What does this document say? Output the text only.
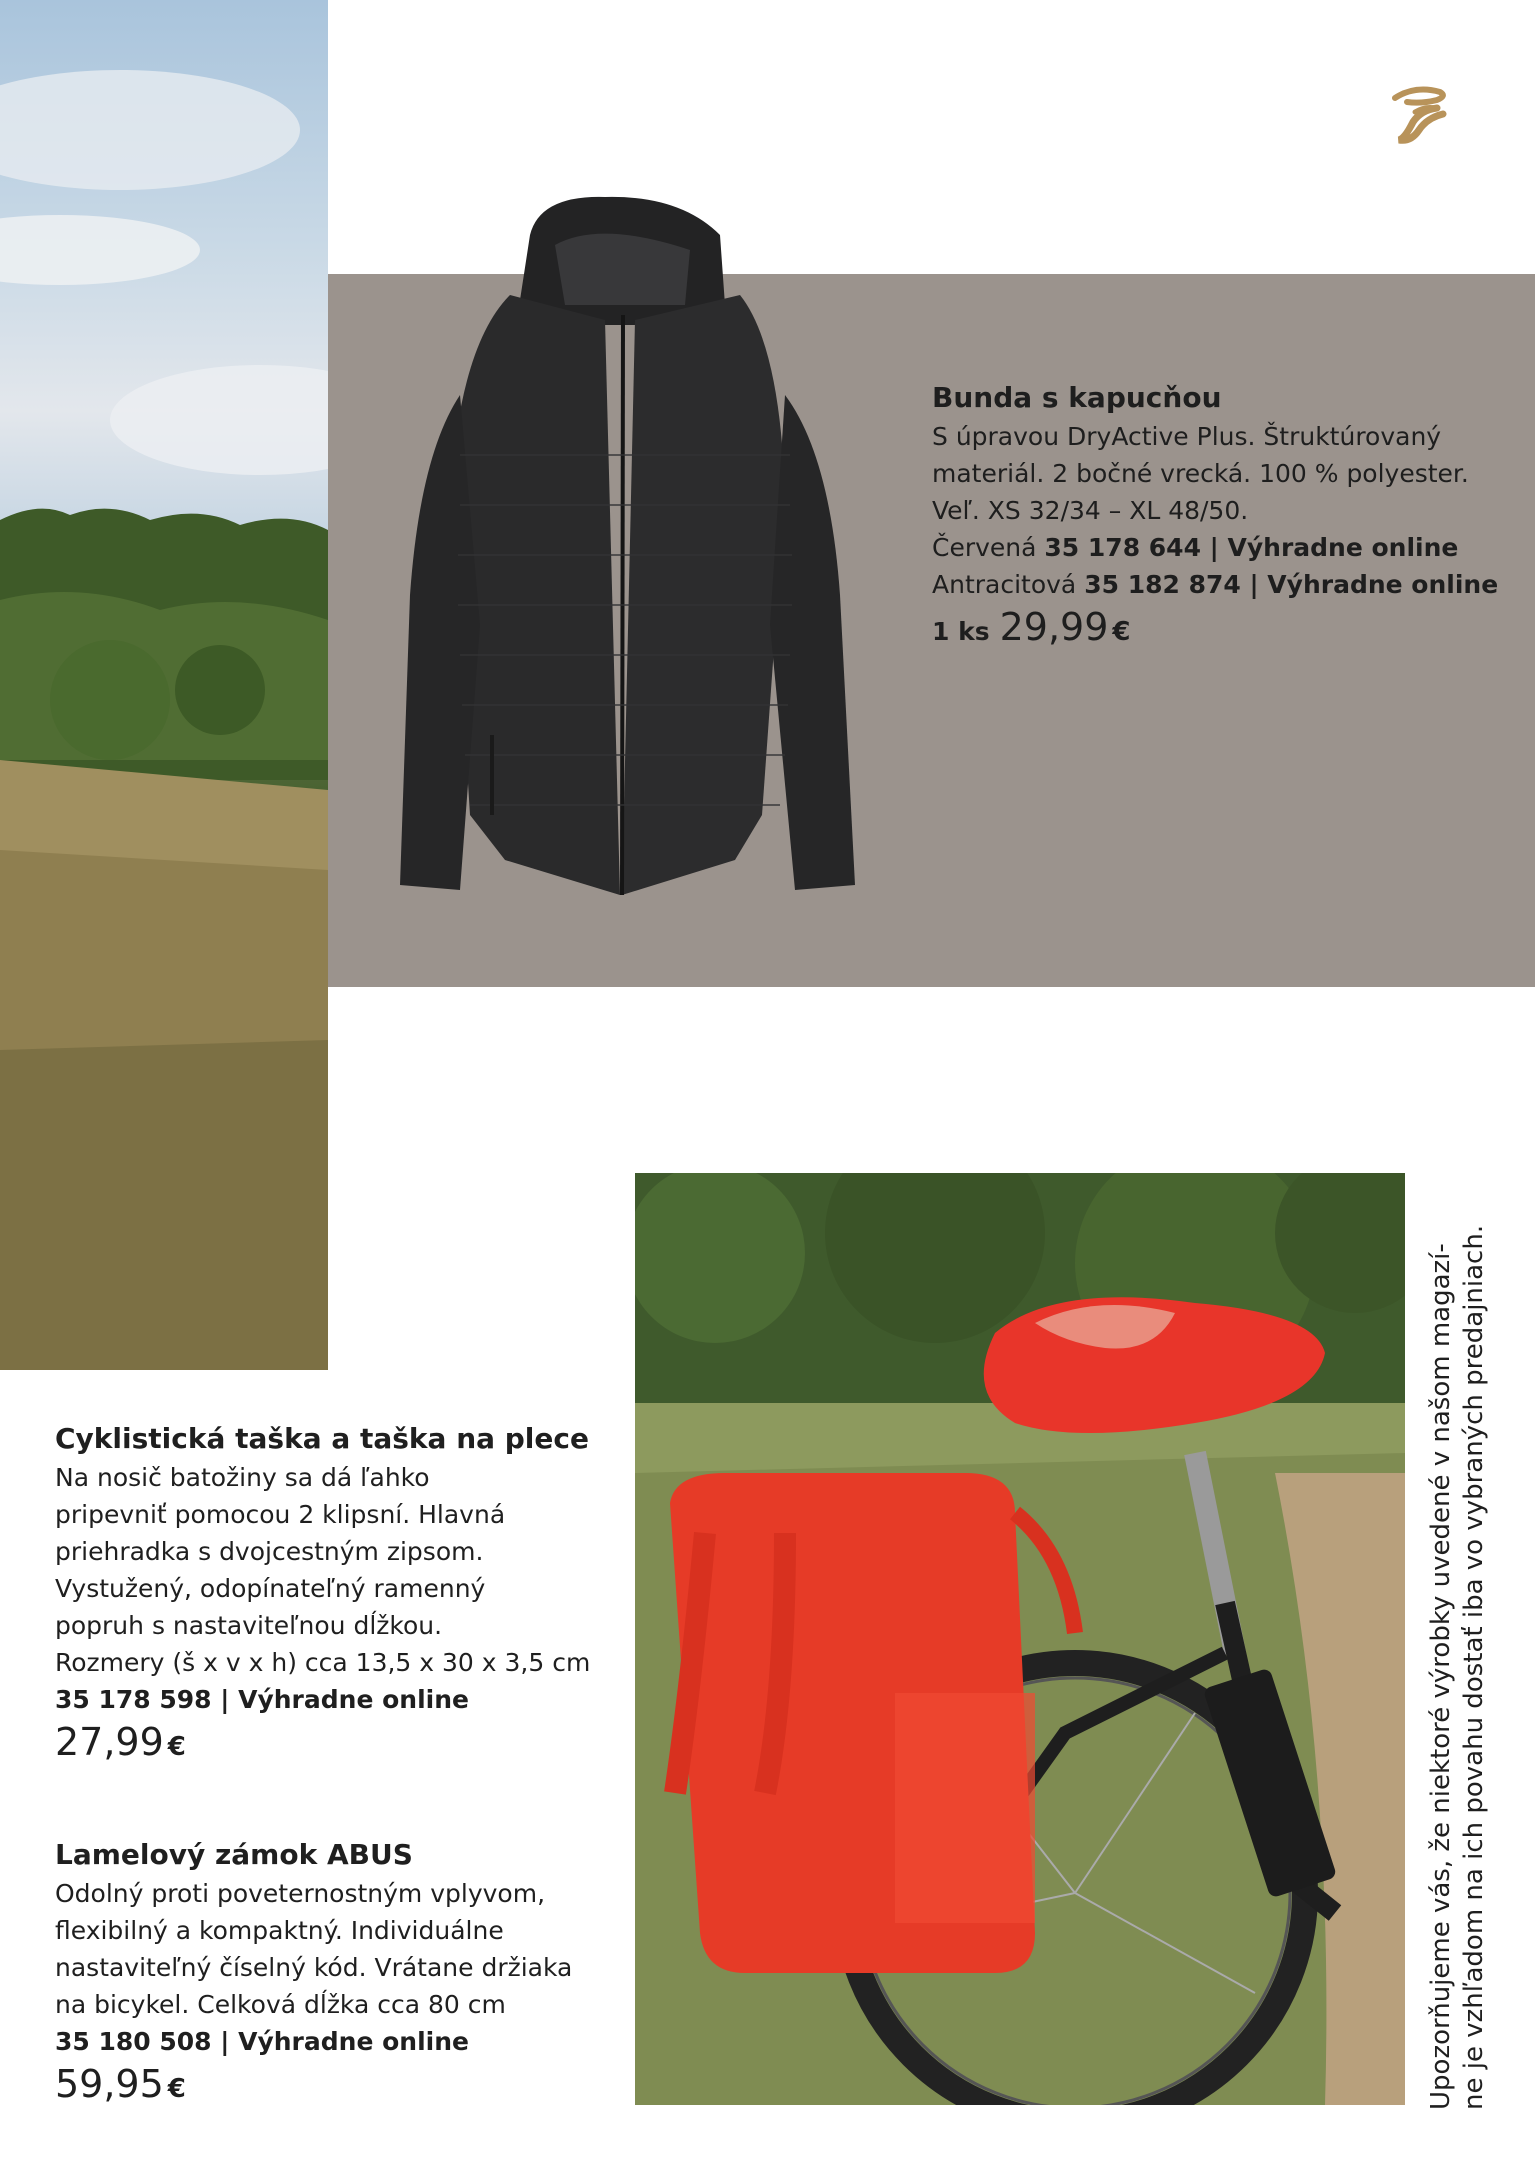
Bunda s kapucňou
S úpravou DryActive Plus. Štruktúrovaný
materiál. 2 bočné vrecká. 100 % polyester.
Veľ. XS 32/34 – XL 48/50.
Červená 35 178 644 | Výhradne online
Antracitová 35 182 874 | Výhradne online
1 ks 29,99 €
Cyklistická taška a taška na plece
Na nosič batožiny sa dá ľahko
pripevniť pomocou 2 klipsní. Hlavná
priehradka s dvojcestným zipsom.
Vystužený, odopínateľný ramenný
popruh s nastaviteľnou dĺžkou.
Rozmery (š x v x h) cca 13,5 x 30 x 3,5 cm
35 178 598 | Výhradne online
27,99 €
Lamelový zámok ABUS
Odolný proti poveternostným vplyvom,
flexibilný a kompaktný. Individuálne
nastaviteľný číselný kód. Vrátane držiaka
na bicykel. Celková dĺžka cca 80 cm
35 180 508 | Výhradne online
59,95 €	Upozorňujeme vás, že niektoré výrobky uvedené v našom magazí- ne je vzhľadom na ich povahu dostať iba vo vybraných predajniach.
